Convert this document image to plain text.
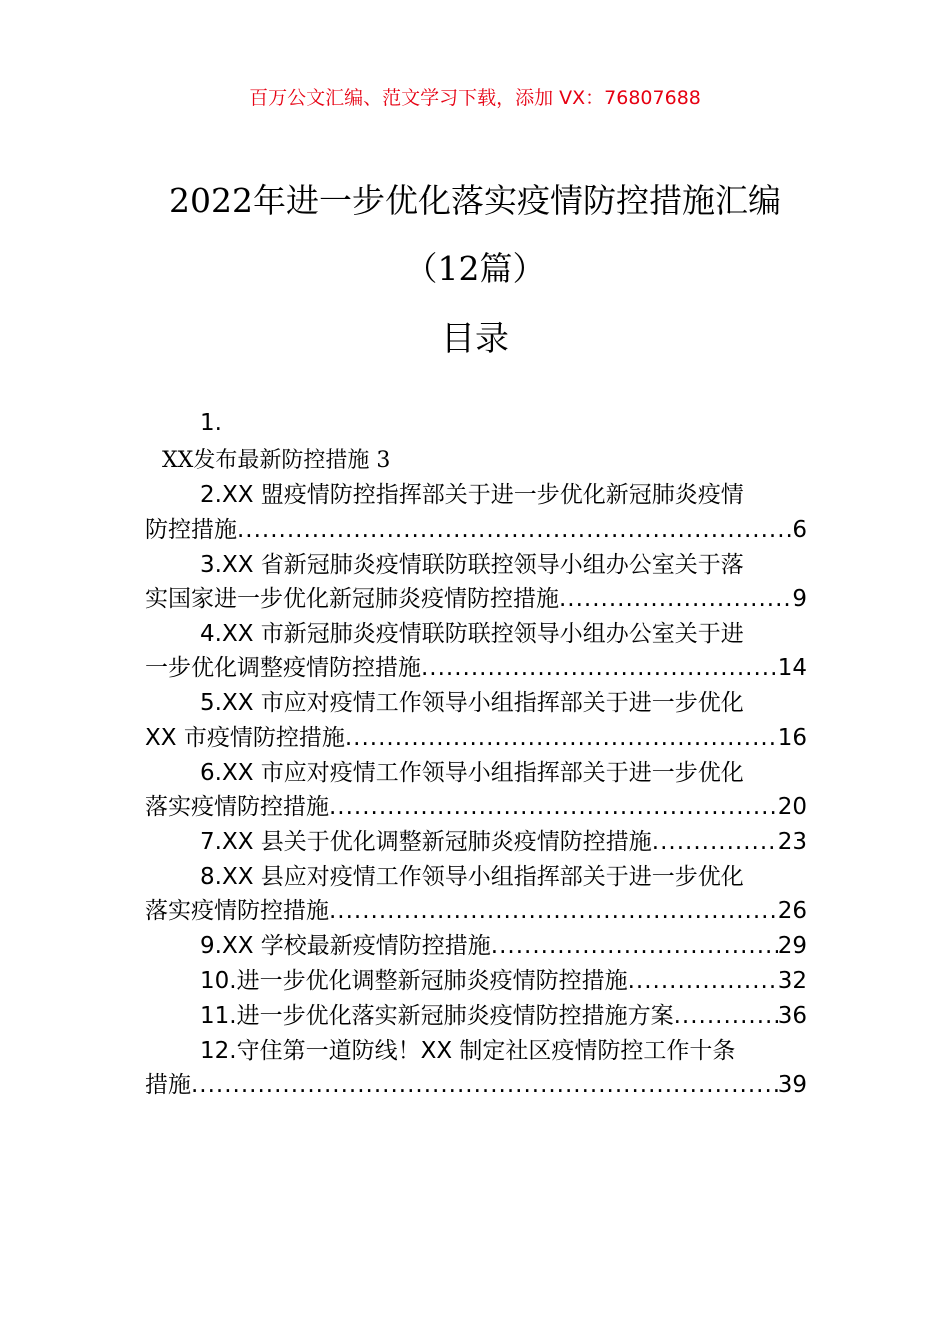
百万公文汇编、范文学习下载，添加 VX：76807688
2022年进一步优化落实疫情防控措施汇编
（12篇）
目录
1.
XX发布最新防控措施 3
2.XX 盟疫情防控指挥部关于进一步优化新冠肺炎疫情
防控措施 .....	6
3.XX 省新冠肺炎疫情联防联控领导小组办公室关于落
实国家进一步优化新冠肺炎疫情防控措施 .....	9
4.XX 市新冠肺炎疫情联防联控领导小组办公室关于进
一步优化调整疫情防控措施 .....	14
5.XX 市应对疫情工作领导小组指挥部关于进一步优化
XX 市疫情防控措施 .....	16
6.XX 市应对疫情工作领导小组指挥部关于进一步优化
落实疫情防控措施 .....	20
7.XX 县关于优化调整新冠肺炎疫情防控措施 .....	23
8.XX 县应对疫情工作领导小组指挥部关于进一步优化
落实疫情防控措施 .....	26
9.XX 学校最新疫情防控措施 .....	29
10.进一步优化调整新冠肺炎疫情防控措施 .....	32
11.进一步优化落实新冠肺炎疫情防控措施方案 .....	36
12.守住第一道防线！XX 制定社区疫情防控工作十条
措施 .....	39
